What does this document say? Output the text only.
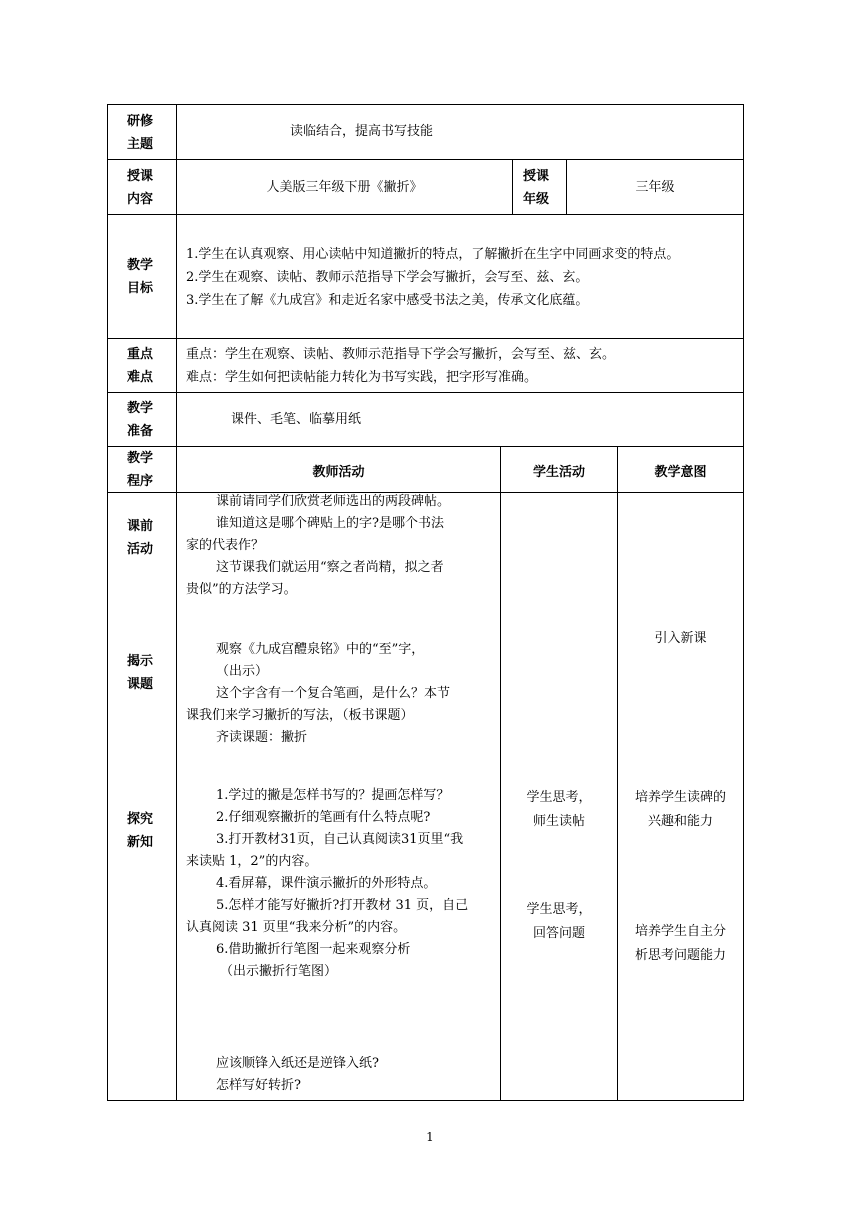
研修
主题
读临结合，提高书写技能
授课
内容
人美版三年级下册《撇折》
授课
年级
三年级
教学
目标
1.学生在认真观察、用心读帖中知道撇折的特点，了解撇折在生字中同画求变的特点。
2.学生在观察、读帖、教师示范指导下学会写撇折，会写至、兹、玄。
3.学生在了解《九成宫》和走近名家中感受书法之美，传承文化底蕴。
重点
难点
重点：学生在观察、读帖、教师示范指导下学会写撇折，会写至、兹、玄。
难点：学生如何把读帖能力转化为书写实践，把字形写准确。
教学
准备
课件、毛笔、临摹用纸
教学
程序
教师活动	学生活动	教学意图
课前
活动
揭示
课题
探究
新知
课前请同学们欣赏老师选出的两段碑帖。
谁知道这是哪个碑贴上的字?是哪个书法
家的代表作？
这节课我们就运用“察之者尚精，拟之者
贵似”的方法学习。
观察《九成宫醴泉铭》中的“至”字，
（出示）
这个字含有一个复合笔画，是什么？本节
课我们来学习撇折的写法，（板书课题）
齐读课题：撇折
1.学过的撇是怎样书写的？提画怎样写？
2.仔细观察撇折的笔画有什么特点呢?
3.打开教材31页，自己认真阅读31页里“我
来读贴 1，2”的内容。
4.看屏幕，课件演示撇折的外形特点。
5.怎样才能写好撇折?打开教材 31 页，自己
认真阅读 31 页里“我来分析”的内容。
6.借助撇折行笔图一起来观察分析
（出示撇折行笔图）
应该顺锋入纸还是逆锋入纸?
怎样写好转折?
学生思考，
师生读帖
学生思考，
回答问题
引入新课
培养学生读碑的
兴趣和能力
培养学生自主分
析思考问题能力
1
